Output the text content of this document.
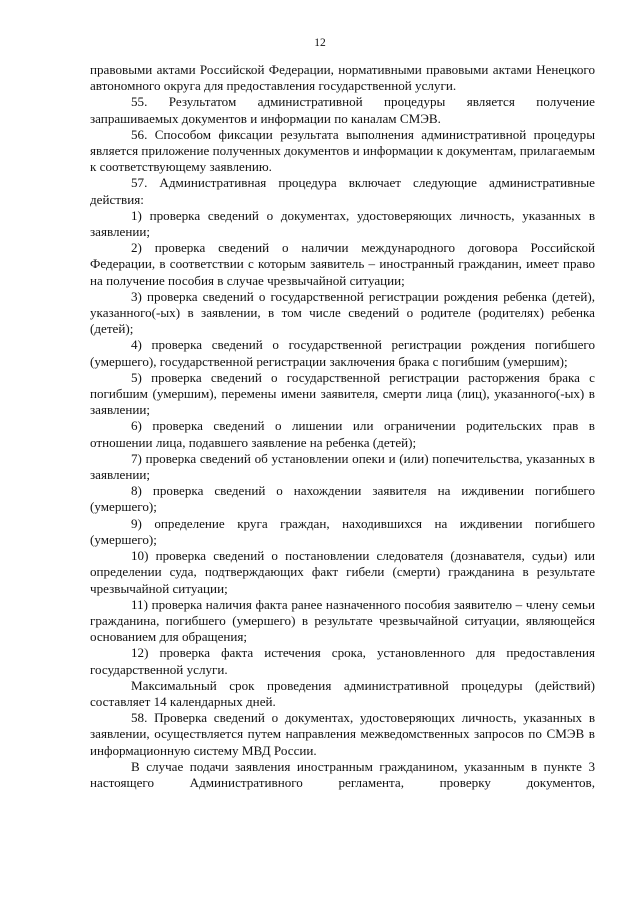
12

правовыми актами Российской Федерации, нормативными правовыми актами Ненецкого автономного округа для предоставления государственной услуги.

55. Результатом административной процедуры является получение запрашиваемых документов и информации по каналам СМЭВ.

56. Способом фиксации результата выполнения административной процедуры является приложение полученных документов и информации к документам, прилагаемым к соответствующему заявлению.

57. Административная процедура включает следующие административные действия:

1) проверка сведений о документах, удостоверяющих личность, указанных в заявлении;

2) проверка сведений о наличии международного договора Российской Федерации, в соответствии с которым заявитель – иностранный гражданин, имеет право на получение пособия в случае чрезвычайной ситуации;

3) проверка сведений о государственной регистрации рождения ребенка (детей), указанного(-ых) в заявлении, в том числе сведений о родителе (родителях) ребенка (детей);

4) проверка сведений о государственной регистрации рождения погибшего (умершего), государственной регистрации заключения брака с погибшим (умершим);

5) проверка сведений о государственной регистрации расторжения брака с погибшим (умершим), перемены имени заявителя, смерти лица (лиц), указанного(-ых) в заявлении;

6) проверка сведений о лишении или ограничении родительских прав в отношении лица, подавшего заявление на ребенка (детей);

7) проверка сведений об установлении опеки и (или) попечительства, указанных в заявлении;

8) проверка сведений о нахождении заявителя на иждивении погибшего (умершего);

9) определение круга граждан, находившихся на иждивении погибшего (умершего);

10) проверка сведений о постановлении следователя (дознавателя, судьи) или определении суда, подтверждающих факт гибели (смерти) гражданина в результате чрезвычайной ситуации;

11) проверка наличия факта ранее назначенного пособия заявителю – члену семьи гражданина, погибшего (умершего) в результате чрезвычайной ситуации, являющейся основанием для обращения;

12) проверка факта истечения срока, установленного для предоставления государственной услуги.

Максимальный срок проведения административной процедуры (действий) составляет 14 календарных дней.

58. Проверка сведений о документах, удостоверяющих личность, указанных в заявлении, осуществляется путем направления межведомственных запросов по СМЭВ в информационную систему МВД России.

В случае подачи заявления иностранным гражданином, указанным в пункте 3 настоящего Административного регламента, проверку документов,
